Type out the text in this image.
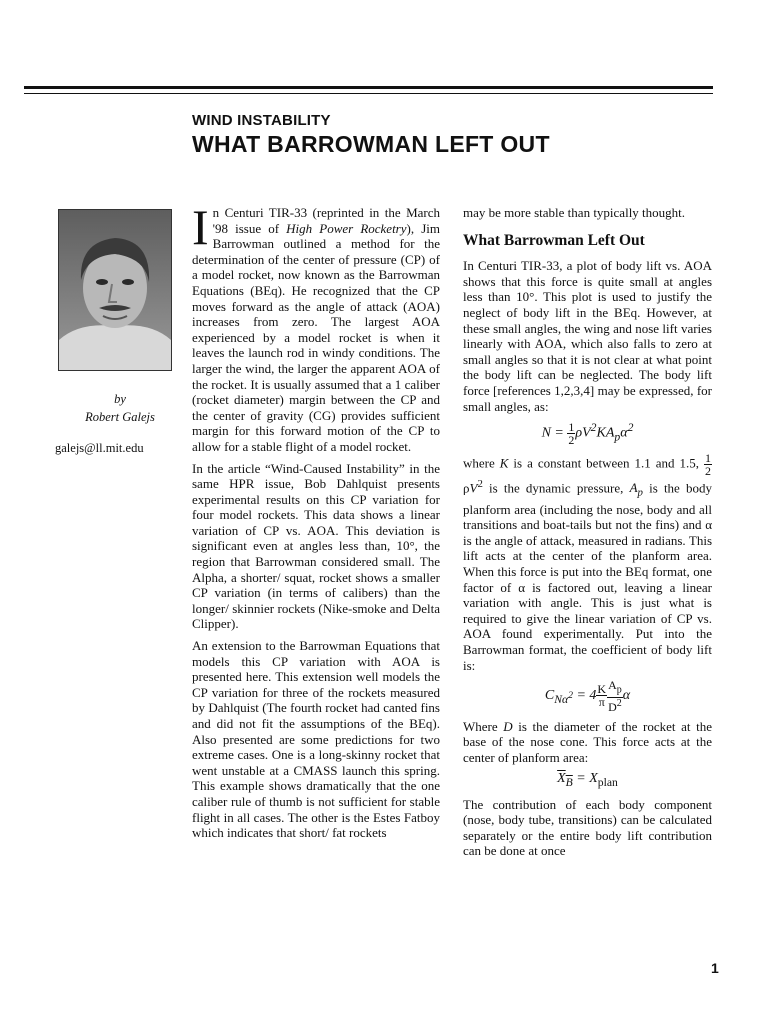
WIND INSTABILITY
WHAT BARROWMAN LEFT OUT
by
Robert Galejs
galejs@ll.mit.edu

In Centuri TIR-33 (reprinted in the March '98 issue of High Power Rocketry), Jim Barrowman outlined a method for the determination of the center of pressure (CP) of a model rocket, now known as the Barrowman Equations (BEq). He recognized that the CP moves forward as the angle of attack (AOA) increases from zero. The largest AOA experienced by a model rocket is when it leaves the launch rod in windy conditions. The larger the wind, the larger the apparent AOA of the rocket. It is usually assumed that a 1 caliber (rocket diameter) margin between the CP and the center of gravity (CG) provides sufficient margin for this forward motion of the CP to allow for a stable flight of a model rocket.

In the article “Wind-Caused Instability” in the same HPR issue, Bob Dahlquist presents experimental results on this CP variation for four model rockets. This data shows a linear variation of CP vs. AOA. This deviation is significant even at angles less than, 10°, the region that Barrowman considered small. The Alpha, a shorter/ squat, rocket shows a smaller CP variation (in terms of calibers) than the longer/ skinnier rockets (Nike-smoke and Delta Clipper).

An extension to the Barrowman Equations that models this CP variation with AOA is presented here. This extension well models the CP variation for three of the rockets measured by Dahlquist (The fourth rocket had canted fins and did not fit the assumptions of the BEq). Also presented are some predictions for two extreme cases. One is a long-skinny rocket that went unstable at a CMASS launch this spring. This example shows dramatically that the one caliber rule of thumb is not sufficient for stable flight in all cases. The other is the Estes Fatboy which indicates that short/ fat rockets

may be more stable than typically thought.

What Barrowman Left Out

In Centuri TIR-33, a plot of body lift vs. AOA shows that this force is quite small at angles less than 10°. This plot is used to justify the neglect of body lift in the BEq. However, at these small angles, the wing and nose lift varies linearly with AOA, which also falls to zero at small angles so that it is not clear at what point the body lift can be neglected. The body lift force [references 1,2,3,4] may be expressed, for small angles, as:

$N = \frac{1}{2} \rho V^2KA_p\alpha^2$

where K is a constant between 1.1 and 1.5, $\frac{1}{2}$
$\rho V^2$ is the dynamic pressure, $A_p$ is the body planform area (including the nose, body and all transitions and boat-tails but not the fins) and α is the angle of attack, measured in radians. This lift acts at the center of the planform area. When this force is put into the BEq format, one factor of α is factored out, leaving a linear variation with angle. This is just what is required to give the linear variation of CP vs. AOA found experimentally. Put into the Barrowman format, the coefficient of body lift is:

$C_{N\alpha^2} = 4 \frac{K}{\pi} \frac{A_p}{D^2}$ α

Where D is the diameter of the rocket at the base of the nose cone. This force acts at the center of planform area:

$X_B = X_{plan}$

The contribution of each body component (nose, body tube, transitions) can be calculated separately or the entire body lift contribution can be done at once

1
